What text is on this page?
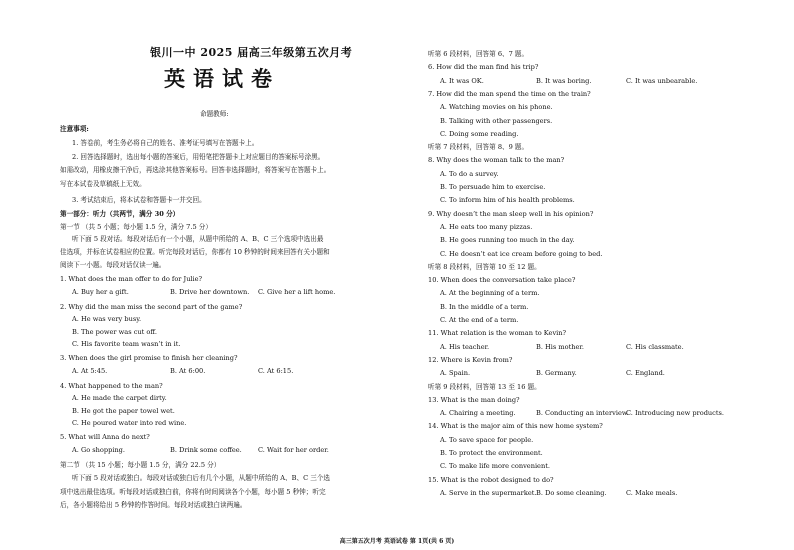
银川一中 2025 届高三年级第五次月考
英语试卷
命题教师:
注意事项:
1. 答卷前，考生务必将自己的姓名、准考证号填写在答题卡上。
2. 回答选择题时，选出每小题的答案后，用铅笔把答题卡上对应题目的答案标号涂黑。
如需改动，用橡皮擦干净后，再选涂其他答案标号。回答非选择题时，将答案写在答题卡上。
写在本试卷及草稿纸上无效。
3. 考试结束后，将本试卷和答题卡一并交回。
第一部分：听力（共两节，满分 30 分）
第一节 （共 5 小题；每小题 1.5 分，满分 7.5 分）
听下面 5 段对话。每段对话后有一个小题，从题中所给的 A、B、C 三个选项中选出最
佳选项，并标在试卷相应的位置。听完每段对话后，你都有 10 秒钟的时间来回答有关小题和
阅读下一小题。每段对话仅读一遍。
1. What does the man offer to do for Julie?
A. Buy her a gift.	B. Drive her downtown. C. Give her a lift home.
2. Why did the man miss the second part of the game?
A. He was very busy.
B. The power was cut off.
C. His favorite team wasn’t in it.
3. When does the girl promise to finish her cleaning?
A. At 5:45.	B. At 6:00.	C. At 6:15.
4. What happened to the man?
A. He made the carpet dirty.
B. He got the paper towel wet.
C. He poured water into red wine.
5. What will Anna do next?
A. Go shopping.	B. Drink some coffee. C. Wait for her order.
第二节 （共 15 小题；每小题 1.5 分，满分 22.5 分）
听下面 5 段对话或独白。每段对话或独白后有几个小题，从题中所给的 A、B、C 三个选
项中选出最佳选项。听每段对话或独白前，你将有时间阅读各个小题，每小题 5 秒钟；听完
后，各小题将给出 5 秒钟的作答时间。每段对话或独白读两遍。
听第 6 段材料，回答第 6、7 题。
6. How did the man find his trip?
A. It was OK.	B. It was boring.	C. It was unbearable.
7. How did the man spend the time on the train?
A. Watching movies on his phone.
B. Talking with other passengers.
C. Doing some reading.
听第 7 段材料，回答第 8、9 题。
8. Why does the woman talk to the man?
A. To do a survey.
B. To persuade him to exercise.
C. To inform him of his health problems.
9. Why doesn’t the man sleep well in his opinion?
A. He eats too many pizzas.
B. He goes running too much in the day.
C. He doesn’t eat ice cream before going to bed.
听第 8 段材料，回答第 10 至 12 题。
10. When does the conversation take place?
A. At the beginning of a term.
B. In the middle of a term.
C. At the end of a term.
11. What relation is the woman to Kevin?
A. His teacher.	B. His mother.	C. His classmate.
12. Where is Kevin from?
A. Spain.	B. Germany.	C. England.
听第 9 段材料，回答第 13 至 16 题。
13. What is the man doing?
A. Chairing a meeting.	B. Conducting an interview.
C. Introducing new products.
14. What is the major aim of this new home system?
A. To save space for people.
B. To protect the environment.
C. To make life more convenient.
15. What is the robot designed to do?
A. Serve in the supermarket. B. Do some cleaning.	C. Make meals.
高三第五次月考 英语试卷 第 1页(共 6 页)
